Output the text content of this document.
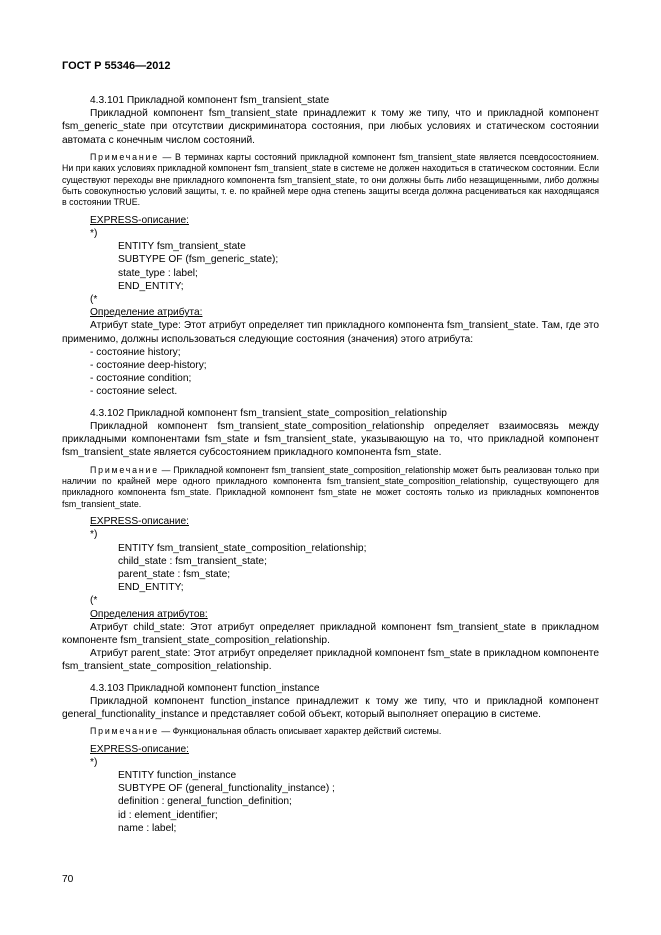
ГОСТ Р 55346—2012

4.3.101 Прикладной компонент fsm_transient_state

Прикладной компонент fsm_transient_state принадлежит к тому же типу, что и прикладной компонент fsm_generic_state при отсутствии дискриминатора состояния, при любых условиях и статическом состоянии автомата с конечным числом состояний.

Примечание — В терминах карты состояний прикладной компонент fsm_transient_state является псевдосостоянием. Ни при каких условиях прикладной компонент fsm_transient_state в системе не должен находиться в статическом состоянии. Если существуют переходы вне прикладного компонента fsm_transient_state, то они должны быть либо незащищенными, либо должны быть совокупностью условий защиты, т. е. по крайней мере одна степень защиты всегда должна расцениваться как находящаяся в состоянии TRUE.

EXPRESS-описание:
*)
ENTITY fsm_transient_state
SUBTYPE OF (fsm_generic_state);
state_type : label;
END_ENTITY;
(*
Определение атрибута:

Атрибут state_type: Этот атрибут определяет тип прикладного компонента fsm_transient_state. Там, где это применимо, должны использоваться следующие состояния (значения) этого атрибута:

- состояние history;
- состояние deep-history;
- состояние condition;
- состояние select.

4.3.102 Прикладной компонент fsm_transient_state_composition_relationship

Прикладной компонент fsm_transient_state_composition_relationship определяет взаимосвязь между прикладными компонентами fsm_state и fsm_transient_state, указывающую на то, что прикладной компонент fsm_transient_state является субсостоянием прикладного компонента fsm_state.

Примечание — Прикладной компонент fsm_transient_state_composition_relationship может быть реализован только при наличии по крайней мере одного прикладного компонента fsm_transient_state_composition_relationship, существующего для прикладного компонента fsm_state. Прикладной компонент fsm_state не может состоять только из прикладных компонентов fsm_transient_state.

EXPRESS-описание:
*)
ENTITY fsm_transient_state_composition_relationship;
child_state : fsm_transient_state;
parent_state : fsm_state;
END_ENTITY;
(*
Определения атрибутов:

Атрибут child_state: Этот атрибут определяет прикладной компонент fsm_transient_state в прикладном компоненте fsm_transient_state_composition_relationship.

Атрибут parent_state: Этот атрибут определяет прикладной компонент fsm_state в прикладном компоненте fsm_transient_state_composition_relationship.

4.3.103 Прикладной компонент function_instance

Прикладной компонент function_instance принадлежит к тому же типу, что и прикладной компонент general_functionality_instance и представляет собой объект, который выполняет операцию в системе.

Примечание — Функциональная область описывает характер действий системы.

EXPRESS-описание:
*)
ENTITY function_instance
SUBTYPE OF (general_functionality_instance) ;
definition : general_function_definition;
id : element_identifier;
name : label;
70
